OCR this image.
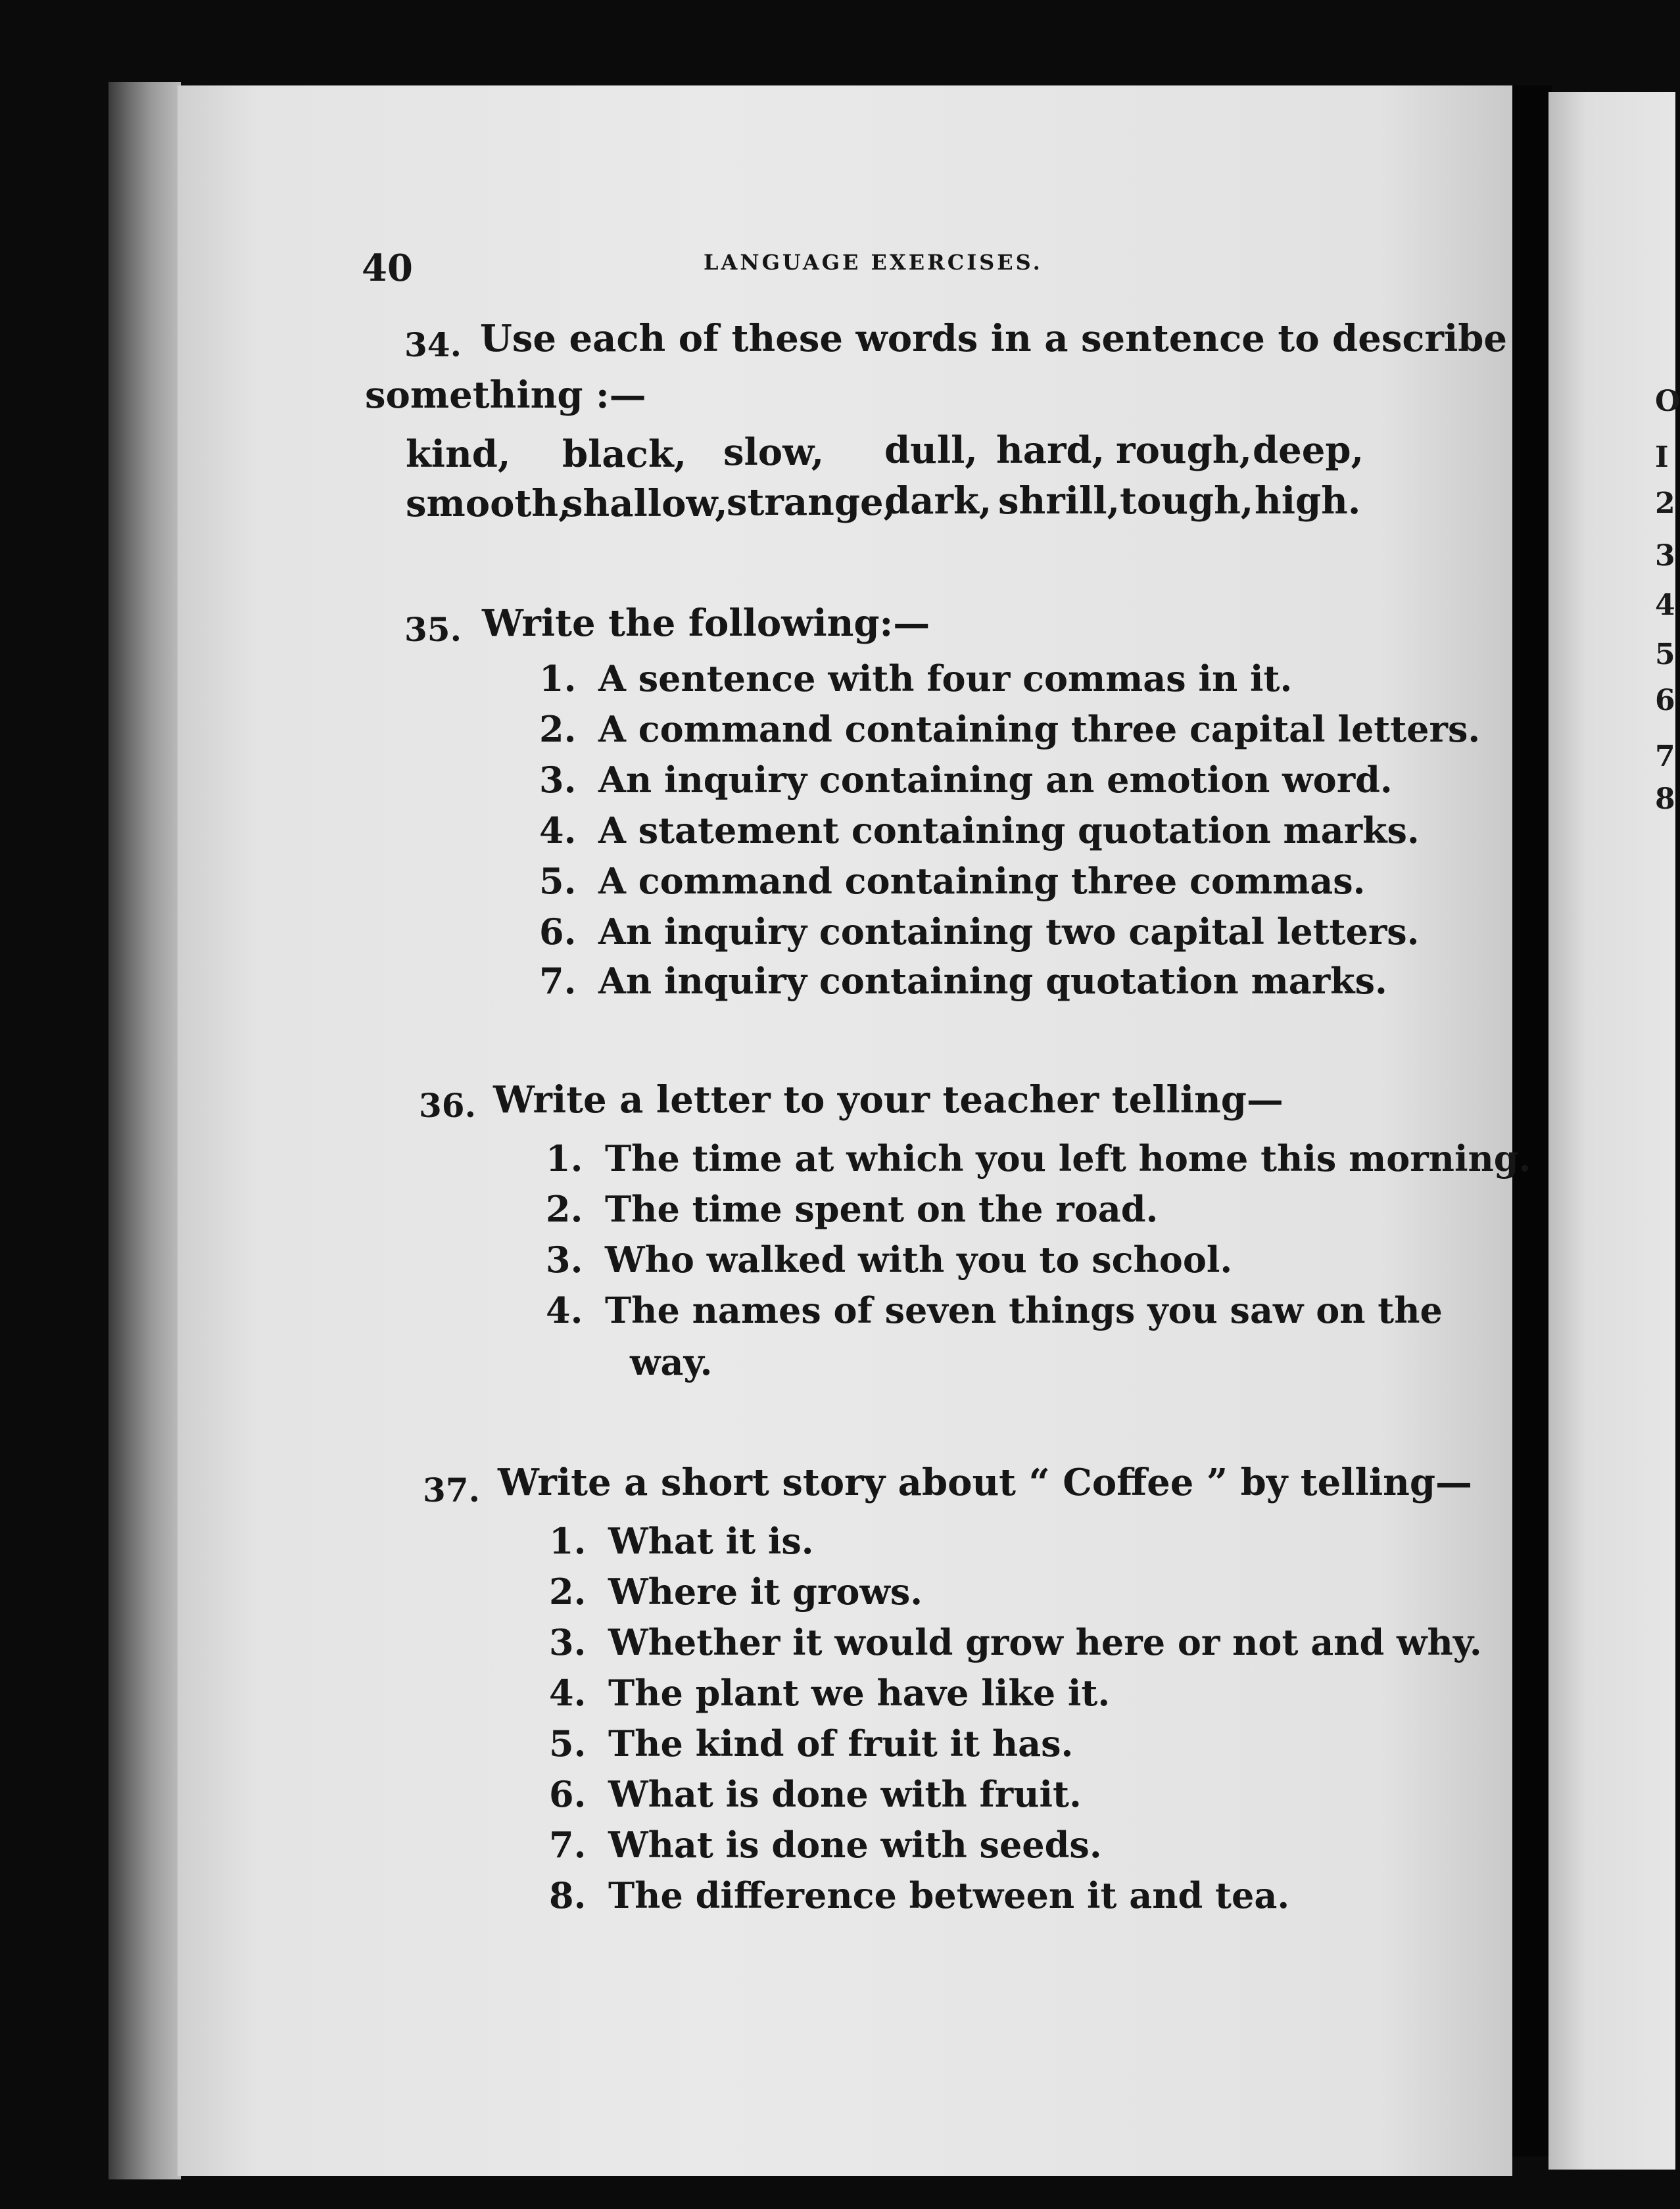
O
I
2
3
4
5
6
7
8
40	LANGUAGE EXERCISES.
34. Use each of these words in a sentence to describe
something :—
kind, black, slow, dull, hard, rough, deep,
smooth,
shallow,
strange,
dark, shrill, tough, high.
35. Write the following:—
1. A sentence with four commas in it.
2. A command containing three capital letters.
3. An inquiry containing an emotion word.
4. A statement containing quotation marks.
5. A command containing three commas.
6. An inquiry containing two capital letters.
7. An inquiry containing quotation marks.
36. Write a letter to your teacher telling—
1. The time at which you left home this morning.
2. The time spent on the road.
3. Who walked with you to school.
4. The names of seven things you saw on the
way.
37. Write a short story about “ Coffee ” by telling—
1. What it is.
2. Where it grows.
3. Whether it would grow here or not and why.
4. The plant we have like it.
5. The kind of fruit it has.
6. What is done with fruit.
7. What is done with seeds.
8. The difference between it and tea.
